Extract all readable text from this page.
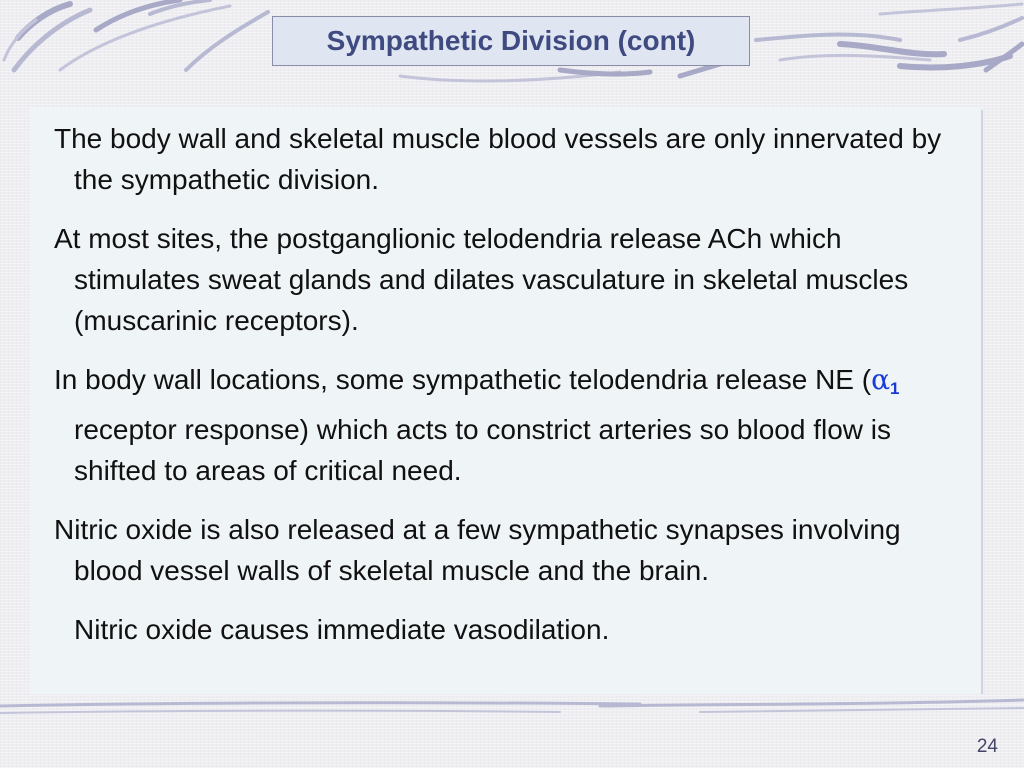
Sympathetic Division (cont)

The body wall and skeletal muscle blood vessels are only innervated by the sympathetic division.

At most sites, the postganglionic telodendria release ACh which stimulates sweat glands and dilates vasculature in skeletal muscles (muscarinic receptors).

In body wall locations, some sympathetic telodendria release NE ($\alpha_1$ receptor response) which acts to constrict arteries so blood flow is shifted to areas of critical need.

Nitric oxide is also released at a few sympathetic synapses involving blood vessel walls of skeletal muscle and the brain.

Nitric oxide causes immediate vasodilation.

24
